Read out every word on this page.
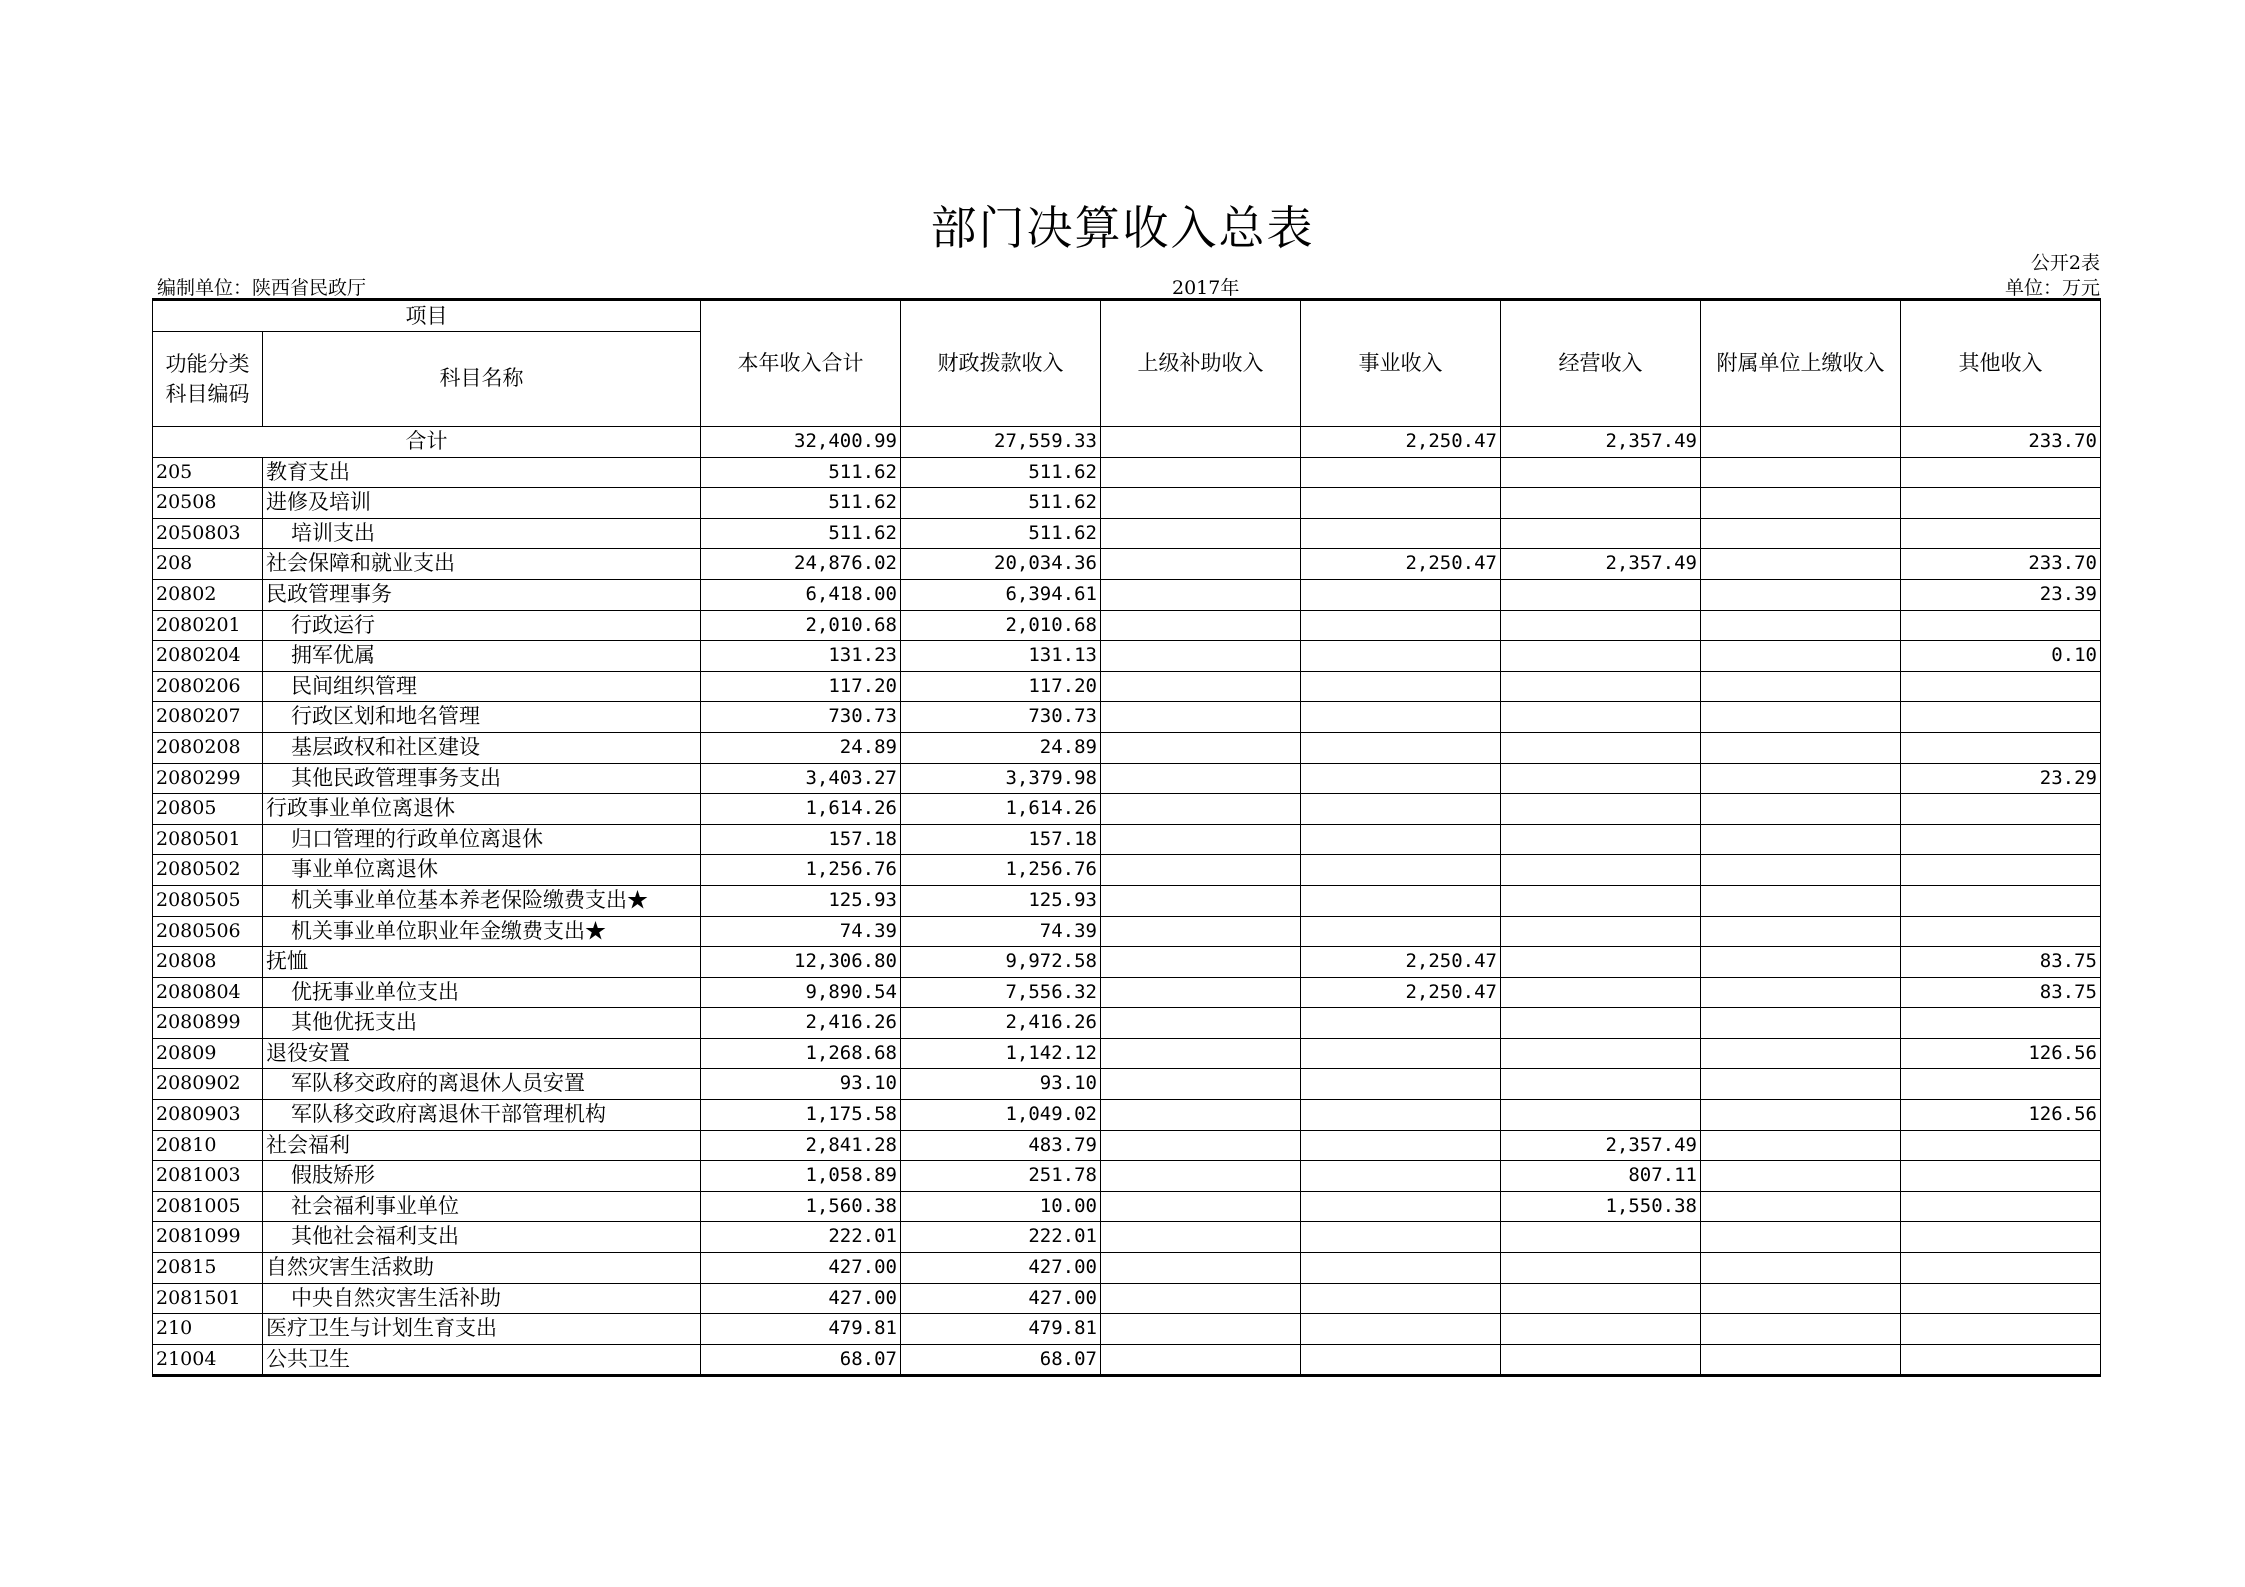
部门决算收入总表
编制单位：陕西省民政厅	2017年
公开2表
单位：万元
项目		本年收入合计	财政拨款收入	上级补助收入	事业收入	经营收入	附属单位上缴收入	其他收入
功能分类科目编码	科目名称							
合计		32,400.99	27,559.33		2,250.47	2,357.49		233.70
205	教育支出	511.62	511.62					
20508	进修及培训	511.62	511.62					
2050803	培训支出	511.62	511.62					
208	社会保障和就业支出	24,876.02	20,034.36		2,250.47	2,357.49		233.70
20802	民政管理事务	6,418.00	6,394.61					23.39
2080201	行政运行	2,010.68	2,010.68					
2080204	拥军优属	131.23	131.13					0.10
2080206	民间组织管理	117.20	117.20					
2080207	行政区划和地名管理	730.73	730.73					
2080208	基层政权和社区建设	24.89	24.89					
2080299	其他民政管理事务支出	3,403.27	3,379.98					23.29
20805	行政事业单位离退休	1,614.26	1,614.26					
2080501	归口管理的行政单位离退休	157.18	157.18					
2080502	事业单位离退休	1,256.76	1,256.76					
2080505	机关事业单位基本养老保险缴费支出★	125.93	125.93					
2080506	机关事业单位职业年金缴费支出★	74.39	74.39					
20808	抚恤	12,306.80	9,972.58		2,250.47			83.75
2080804	优抚事业单位支出	9,890.54	7,556.32		2,250.47			83.75
2080899	其他优抚支出	2,416.26	2,416.26					
20809	退役安置	1,268.68	1,142.12					126.56
2080902	军队移交政府的离退休人员安置	93.10	93.10					
2080903	军队移交政府离退休干部管理机构	1,175.58	1,049.02					126.56
20810	社会福利	2,841.28	483.79			2,357.49		
2081003	假肢矫形	1,058.89	251.78			807.11		
2081005	社会福利事业单位	1,560.38	10.00			1,550.38		
2081099	其他社会福利支出	222.01	222.01					
20815	自然灾害生活救助	427.00	427.00					
2081501	中央自然灾害生活补助	427.00	427.00					
210	医疗卫生与计划生育支出	479.81	479.81					
21004	公共卫生	68.07	68.07					
